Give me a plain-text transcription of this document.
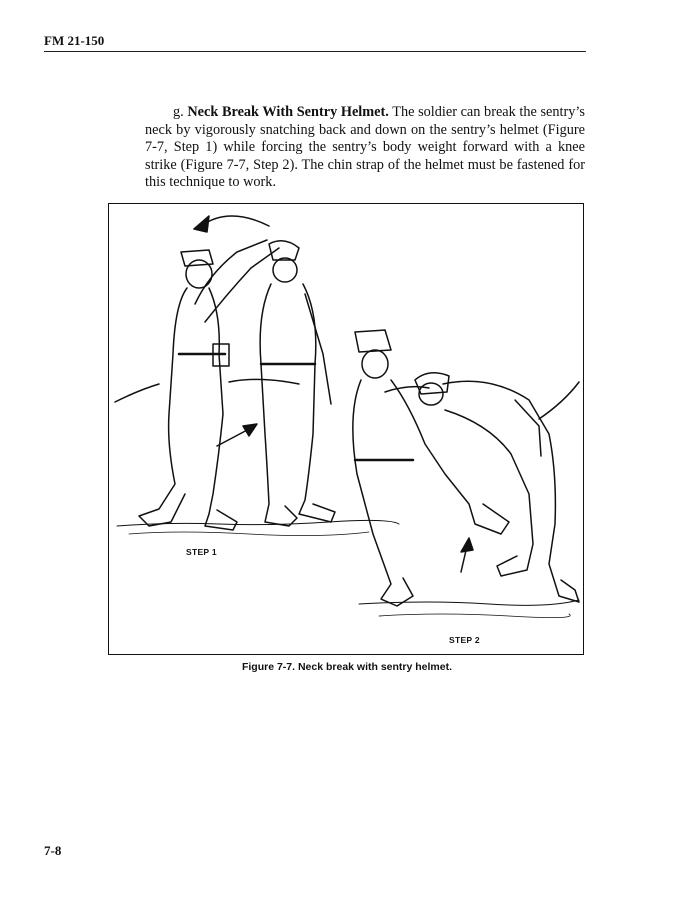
FM 21-150
g. Neck Break With Sentry Helmet. The soldier can break the sentry’s neck by vigorously snatching back and down on the sentry’s helmet (Figure 7-7, Step 1) while forcing the sentry’s body weight forward with a knee strike (Figure 7-7, Step 2). The chin strap of the helmet must be fastened for this technique to work.
STEP 1
STEP 2
Figure 7-7. Neck break with sentry helmet.
7-8
